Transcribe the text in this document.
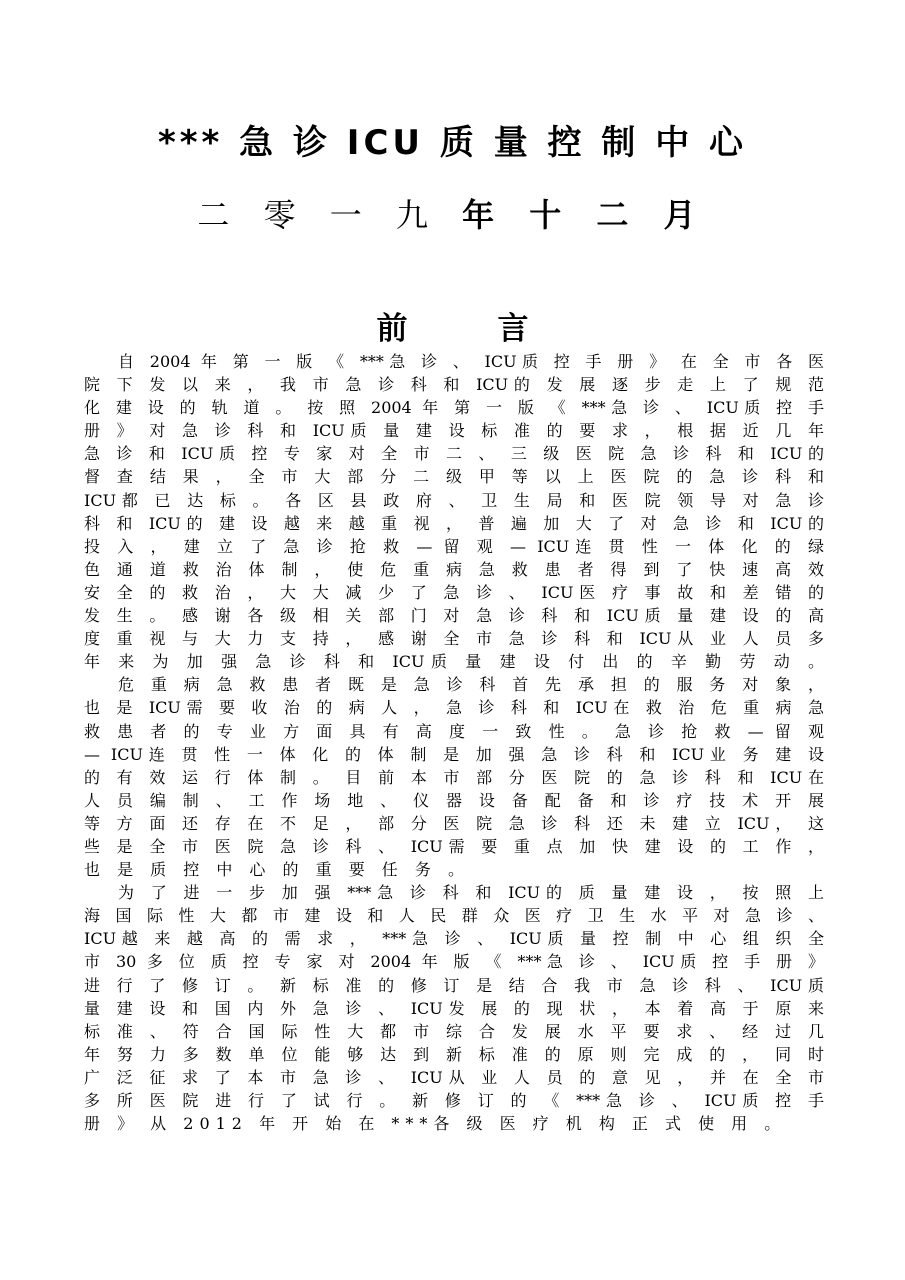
*** 急 诊 ICU 质 量 控 制 中 心
二 零 一 九 年 十 二 月
前	言
自 2004 年 第 一 版 《 ***急 诊 、 ICU质 控 手 册 》 在 全 市 各 医
院 下 发 以 来 ， 我 市 急 诊 科 和 ICU的 发 展 逐 步 走 上 了 规 范
化 建 设 的 轨 道 。 按 照 2004 年 第 一 版 《 ***急 诊 、 ICU质 控 手
册 》 对 急 诊 科 和 ICU质 量 建 设 标 准 的 要 求 ， 根 据 近 几 年
急 诊 和 ICU质 控 专 家 对 全 市 二 、 三 级 医 院 急 诊 科 和 ICU的
督 查 结 果 ， 全 市 大 部 分 二 级 甲 等 以 上 医 院 的 急 诊 科 和
ICU都 已 达 标 。 各 区 县 政 府 、 卫 生 局 和 医 院 领 导 对 急 诊
科 和 ICU的 建 设 越 来 越 重 视 ， 普 遍 加 大 了 对 急 诊 和 ICU的
投 入 ， 建 立 了 急 诊 抢 救 — 留 观 — ICU连 贯 性 一 体 化 的 绿
色 通 道 救 治 体 制 ， 使 危 重 病 急 救 患 者 得 到 了 快 速 高 效
安 全 的 救 治 ， 大 大 减 少 了 急 诊 、 ICU医 疗 事 故 和 差 错 的
发 生 。 感 谢 各 级 相 关 部 门 对 急 诊 科 和 ICU质 量 建 设 的 高
度 重 视 与 大 力 支 持 ， 感 谢 全 市 急 诊 科 和 ICU从 业 人 员 多
年 来 为 加 强 急 诊 科 和 ICU质 量 建 设 付 出 的 辛 勤 劳 动 。
危 重 病 急 救 患 者 既 是 急 诊 科 首 先 承 担 的 服 务 对 象 ，
也 是 ICU需 要 收 治 的 病 人 ， 急 诊 科 和 ICU在 救 治 危 重 病 急
救 患 者 的 专 业 方 面 具 有 高 度 一 致 性 。 急 诊 抢 救 — 留 观
— ICU连 贯 性 一 体 化 的 体 制 是 加 强 急 诊 科 和 ICU业 务 建 设
的 有 效 运 行 体 制 。 目 前 本 市 部 分 医 院 的 急 诊 科 和 ICU在
人 员 编 制 、 工 作 场 地 、 仪 器 设 备 配 备 和 诊 疗 技 术 开 展
等 方 面 还 存 在 不 足 ， 部 分 医 院 急 诊 科 还 未 建 立 ICU， 这
些 是 全 市 医 院 急 诊 科 、 ICU需 要 重 点 加 快 建 设 的 工 作 ，
也 是 质 控 中 心 的 重 要 任 务 。
为 了 进 一 步 加 强 ***急 诊 科 和 ICU的 质 量 建 设 ， 按 照 上
海 国 际 性 大 都 市 建 设 和 人 民 群 众 医 疗 卫 生 水 平 对 急 诊 、
ICU越 来 越 高 的 需 求 ， ***急 诊 、 ICU质 量 控 制 中 心 组 织 全
市 30 多 位 质 控 专 家 对 2004 年 版 《 ***急 诊 、 ICU质 控 手 册 》
进 行 了 修 订 。 新 标 准 的 修 订 是 结 合 我 市 急 诊 科 、 ICU质
量 建 设 和 国 内 外 急 诊 、 ICU发 展 的 现 状 ， 本 着 高 于 原 来
标 准 、 符 合 国 际 性 大 都 市 综 合 发 展 水 平 要 求 、 经 过 几
年 努 力 多 数 单 位 能 够 达 到 新 标 准 的 原 则 完 成 的 ， 同 时
广 泛 征 求 了 本 市 急 诊 、 ICU从 业 人 员 的 意 见 ， 并 在 全 市
多 所 医 院 进 行 了 试 行 。 新 修 订 的 《 ***急 诊 、 ICU质 控 手
册 》 从 2012 年 开 始 在 ***各 级 医 疗 机 构 正 式 使 用 。
